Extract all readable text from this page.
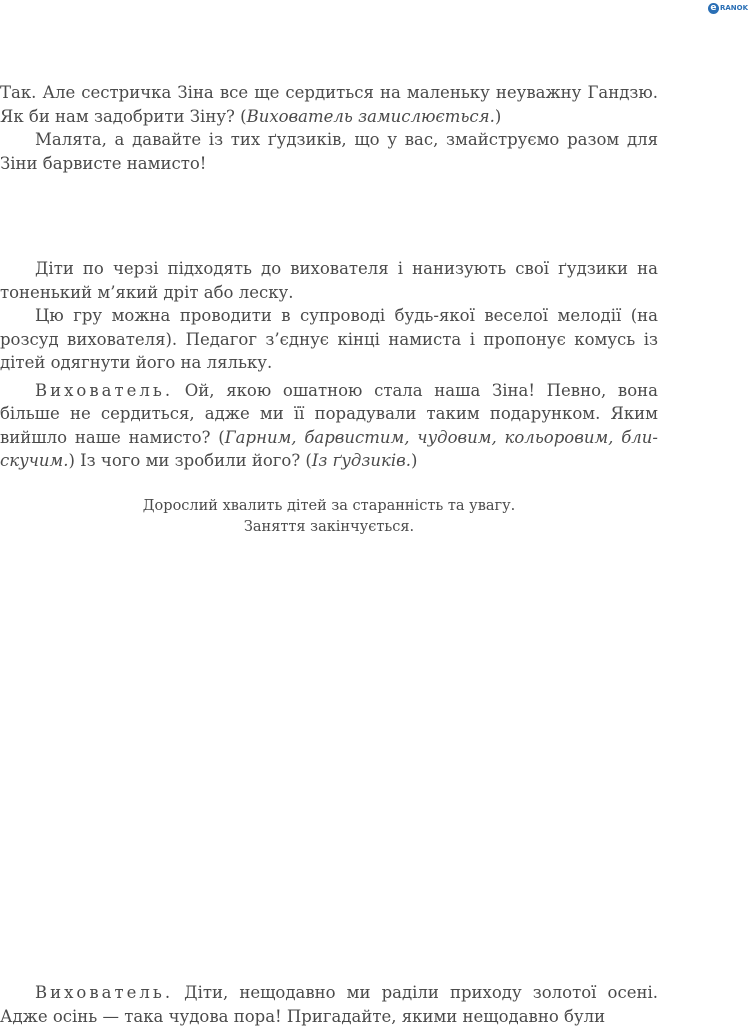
e RANOK

Так. Але сестричка Зіна все ще сердиться на маленьку неуважну Гандзю. Як би нам задобрити Зіну? (Вихователь замислюється.)

Малята, а давайте із тих ґудзиків, що у вас, змайструємо разом для Зіни барвисте намисто!

Діти по черзі підходять до вихователя і нанизують свої ґудзики на тоненький м’який дріт або леску.

Цю гру можна проводити в супроводі будь-якої веселої мелодії (на розсуд вихователя). Педагог з’єднує кінці намиста і пропонує комусь із дітей одягнути його на ляльку.

Вихователь. Ой, якою ошатною стала наша Зіна! Певно, вона більше не сердиться, адже ми її порадували таким подарунком. Яким вийшло наше намисто? (Гарним, барвистим, чудовим, кольоровим, бли-скучим.) Із чого ми зробили його? (Із ґудзиків.)

Дорослий хвалить дітей за старанність та увагу.
Заняття закінчується.

Вихователь. Діти, нещодавно ми раділи приходу золотої осені. Адже осінь — така чудова пора! Пригадайте, якими нещодавно були
